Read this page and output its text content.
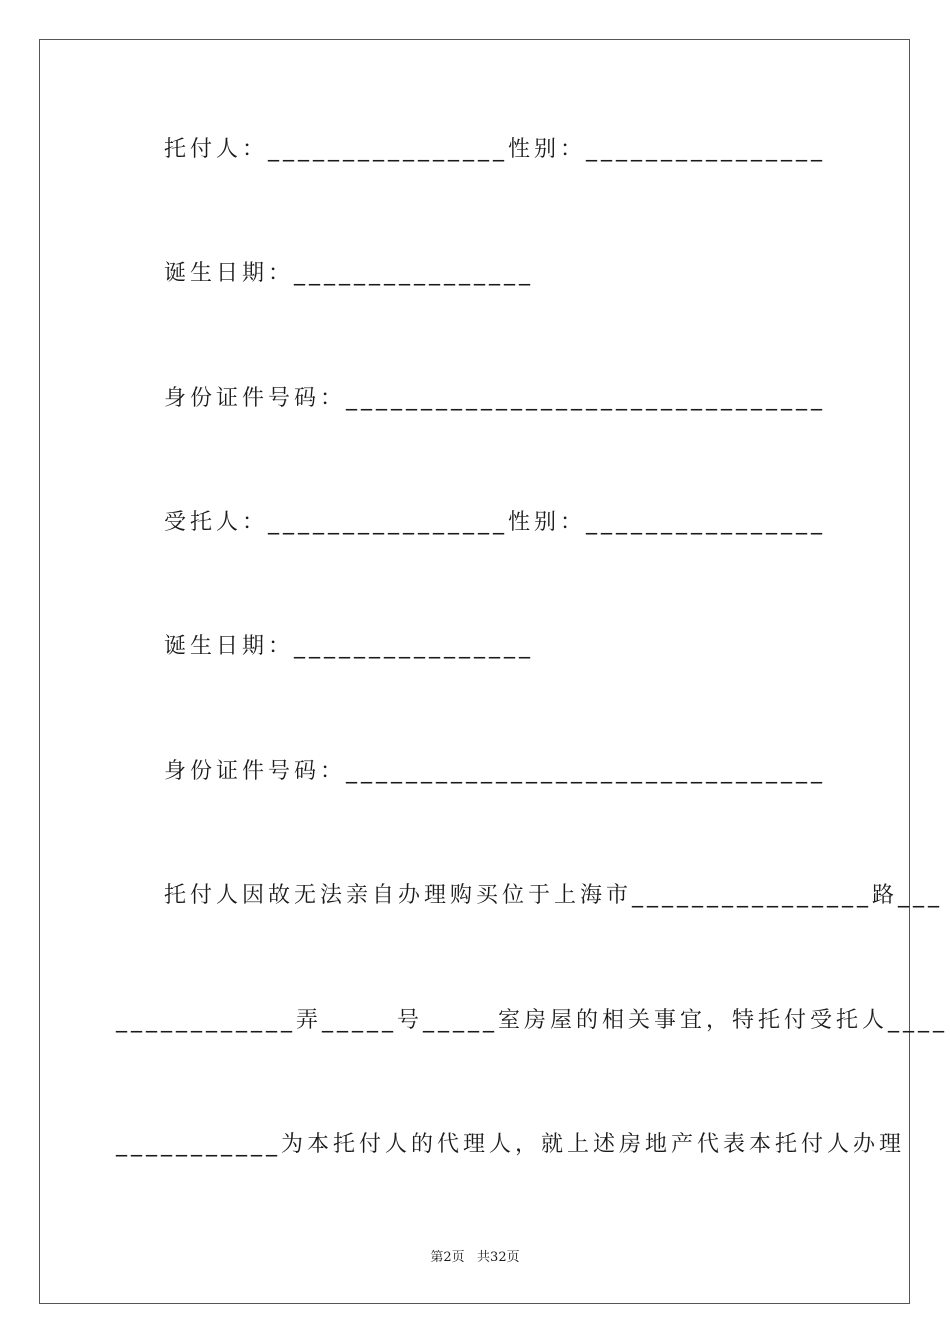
托付人：________________性别：________________
诞生日期：________________
身份证件号码：________________________________
受托人：________________性别：________________
诞生日期：________________
身份证件号码：________________________________
托付人因故无法亲自办理购买位于上海市________________路___
____________弄_____号_____室房屋的相关事宜，特托付受托人____
___________为本托付人的代理人，就上述房地产代表本托付人办理
第2页   共32页
